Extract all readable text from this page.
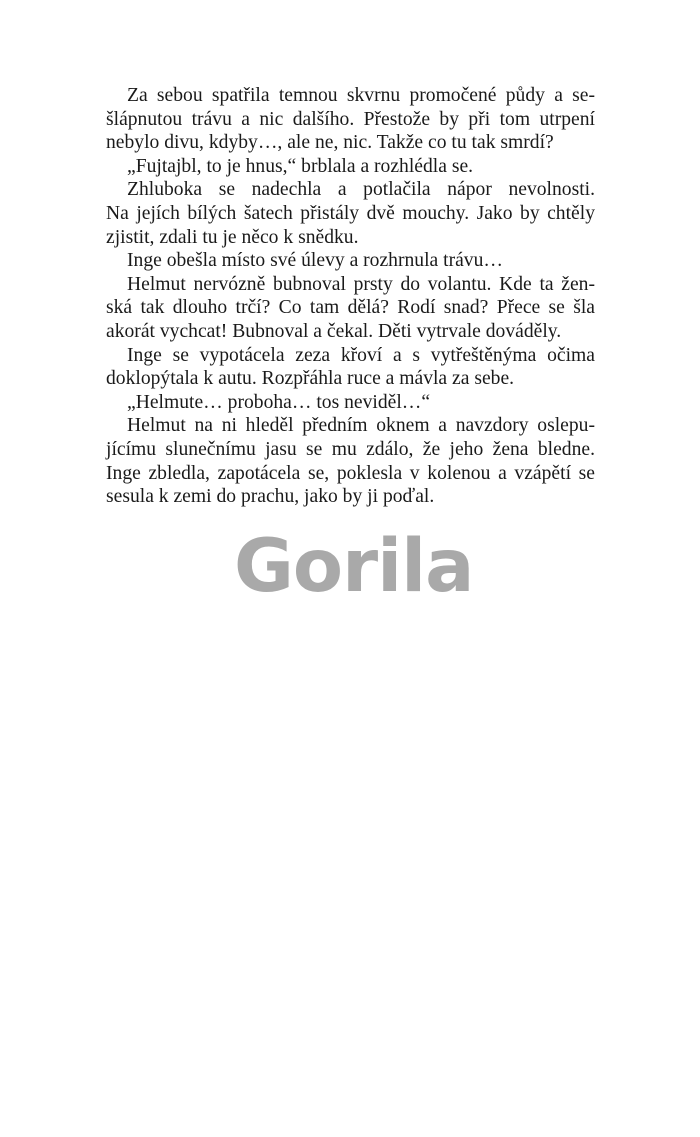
Za sebou spatřila temnou skvrnu promočené půdy a se-
šlápnutou trávu a nic dalšího. Přestože by při tom utrpení
nebylo divu, kdyby…, ale ne, nic. Takže co tu tak smrdí?
„Fujtajbl, to je hnus,“ brblala a rozhlédla se.
Zhluboka se nadechla a potlačila nápor nevolnosti.
Na jejích bílých šatech přistály dvě mouchy. Jako by chtěly
zjistit, zdali tu je něco k snědku.
Inge obešla místo své úlevy a rozhrnula trávu…
Helmut nervózně bubnoval prsty do volantu. Kde ta žen-
ská tak dlouho trčí? Co tam dělá? Rodí snad? Přece se šla
akorát vychcat! Bubnoval a čekal. Děti vytrvale dováděly.
Inge se vypotácela zeza křoví a s vytřeštěnýma očima
doklopýtala k autu. Rozpřáhla ruce a mávla za sebe.
„Helmute… proboha… tos neviděl…“
Helmut na ni hleděl předním oknem a navzdory oslepu-
jícímu slunečnímu jasu se mu zdálo, že jeho žena bledne.
Inge zbledla, zapotácela se, poklesla v kolenou a vzápětí se
sesula k zemi do prachu, jako by ji poďal.
Gorila
